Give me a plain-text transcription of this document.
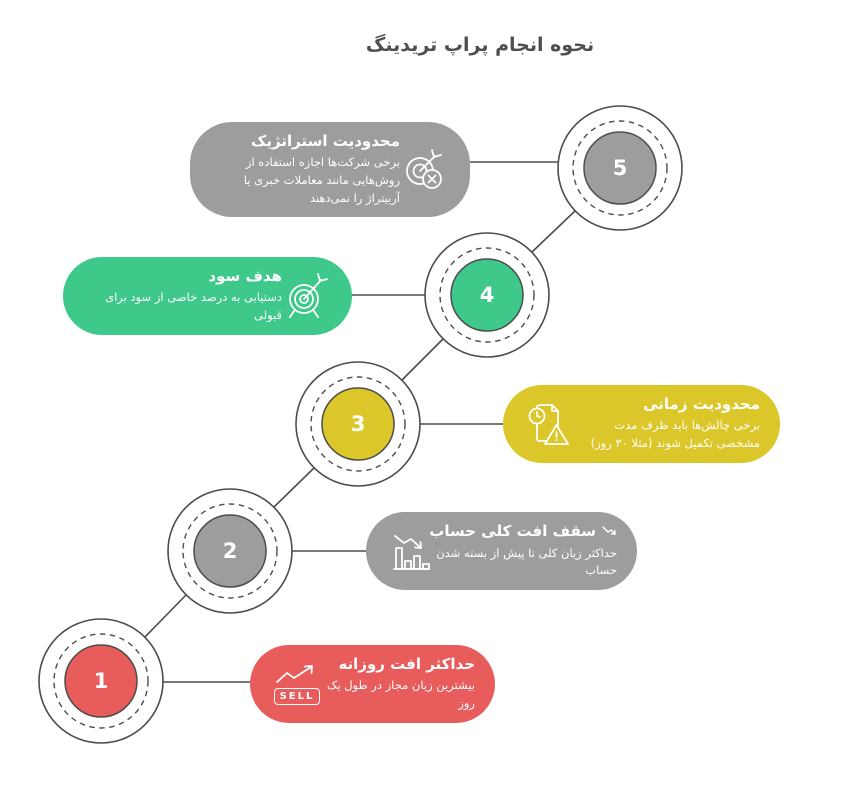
نحوه انجام پراپ تریدینگ
5
4
3
2
1
محدودیت استراتژیک
برخی شرکت‌ها اجازه استفاده از روش‌هایی مانند معاملات خبری یا آربیتراژ را نمی‌دهند
هدف سود
دستیابی به درصد خاصی از سود برای قبولی
محدودیت زمانی
برخی چالش‌ها باید ظرف مدت مشخصی تکمیل شوند (مثلا ۳۰ روز)
سقف افت کلی حساب
حداکثر زیان کلی تا پیش از بسته شدن حساب
SELL
حداکثر افت روزانه
بیشترین زیان مجاز در طول یک روز
